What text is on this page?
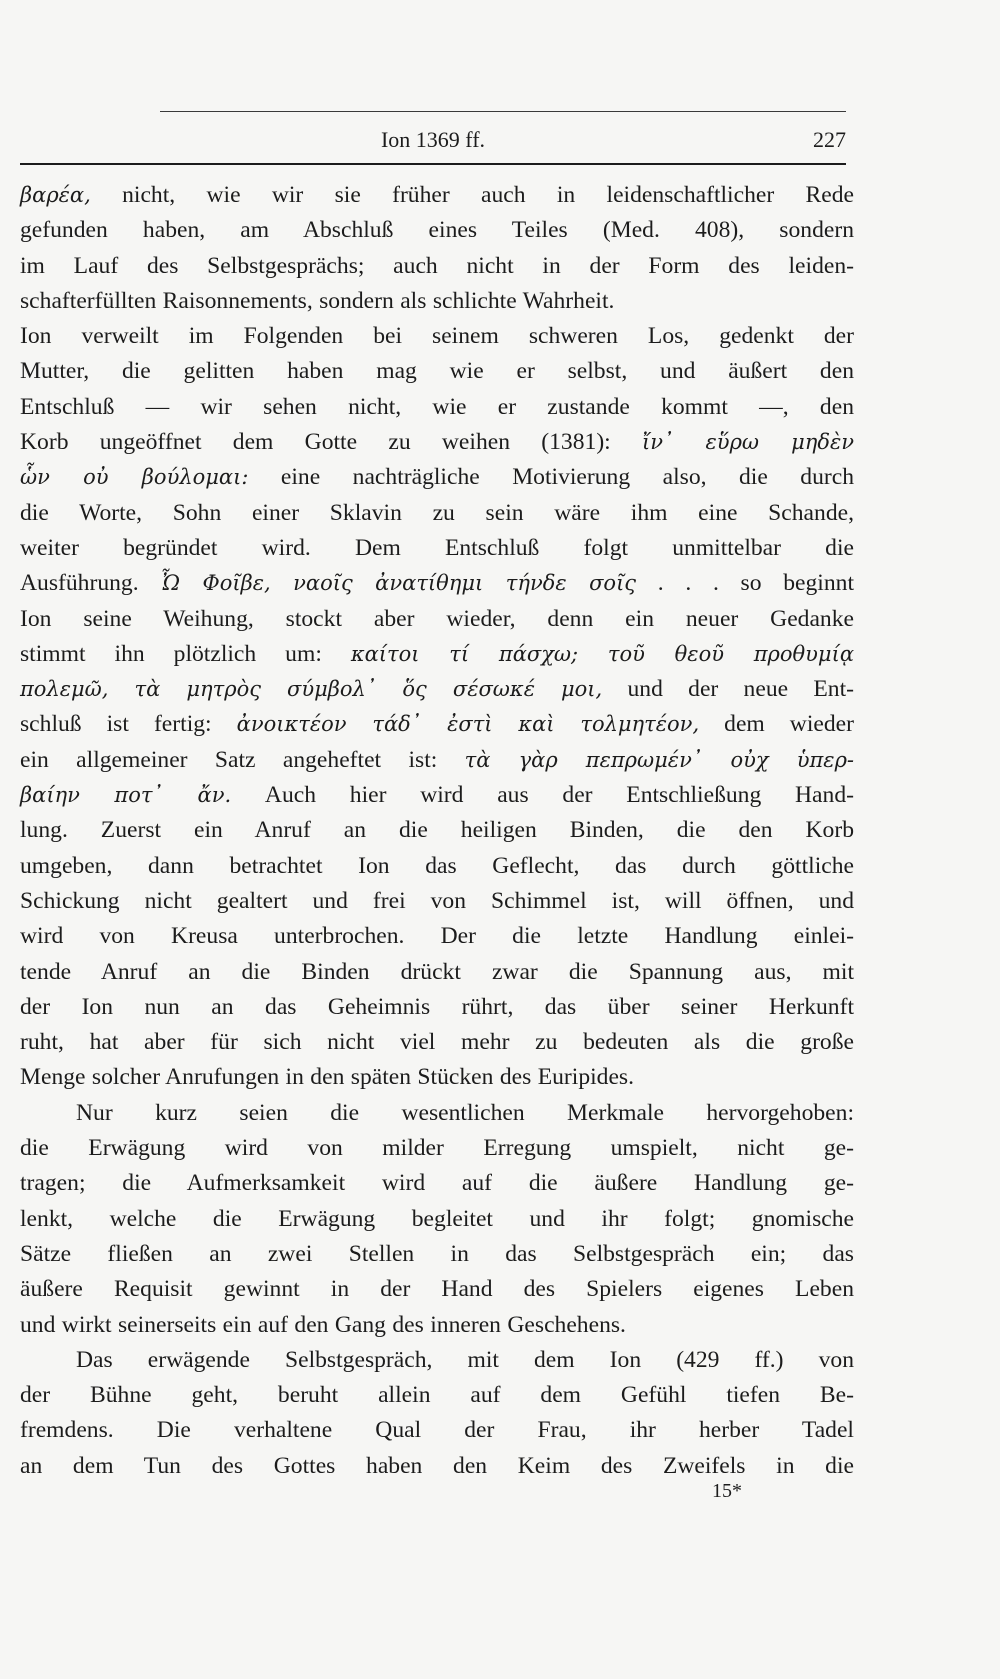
Ion 1369 ff.	227
βαρέα, nicht, wie wir sie früher auch in leidenschaftlicher Rede
gefunden haben, am Abschluß eines Teiles (Med. 408), sondern
im Lauf des Selbstgesprächs; auch nicht in der Form des leiden-
schafterfüllten Raisonnements, sondern als schlichte Wahrheit.
Ion verweilt im Folgenden bei seinem schweren Los, gedenkt der
Mutter, die gelitten haben mag wie er selbst, und äußert den
Entschluß — wir sehen nicht, wie er zustande kommt —, den
Korb ungeöffnet dem Gotte zu weihen (1381): ἴν᾽ εὕρω μηδὲν
ὧν οὐ βούλομαι: eine nachträgliche Motivierung also, die durch
die Worte, Sohn einer Sklavin zu sein wäre ihm eine Schande,
weiter begründet wird. Dem Entschluß folgt unmittelbar die
Ausführung. Ὦ Φοῖβε, ναοῖς ἀνατίθημι τήνδε σοῖς . . . so beginnt
Ion seine Weihung, stockt aber wieder, denn ein neuer Gedanke
stimmt ihn plötzlich um: καίτοι τί πάσχω; τοῦ θεοῦ προθυμίᾳ
πολεμῶ, τὰ μητρὸς σύμβολ᾽ ὅς σέσωκέ μοι, und der neue Ent-
schluß ist fertig: ἀνοικτέον τάδ᾽ ἐστὶ καὶ τολμητέον, dem wieder
ein allgemeiner Satz angeheftet ist: τὰ γὰρ πεπρωμέν᾽ οὐχ ὑπερ-
βαίην ποτ᾽ ἄν. Auch hier wird aus der Entschließung Hand-
lung. Zuerst ein Anruf an die heiligen Binden, die den Korb
umgeben, dann betrachtet Ion das Geflecht, das durch göttliche
Schickung nicht gealtert und frei von Schimmel ist, will öffnen, und
wird von Kreusa unterbrochen. Der die letzte Handlung einlei-
tende Anruf an die Binden drückt zwar die Spannung aus, mit
der Ion nun an das Geheimnis rührt, das über seiner Herkunft
ruht, hat aber für sich nicht viel mehr zu bedeuten als die große
Menge solcher Anrufungen in den späten Stücken des Euripides.
Nur kurz seien die wesentlichen Merkmale hervorgehoben:
die Erwägung wird von milder Erregung umspielt, nicht ge-
tragen; die Aufmerksamkeit wird auf die äußere Handlung ge-
lenkt, welche die Erwägung begleitet und ihr folgt; gnomische
Sätze fließen an zwei Stellen in das Selbstgespräch ein; das
äußere Requisit gewinnt in der Hand des Spielers eigenes Leben
und wirkt seinerseits ein auf den Gang des inneren Geschehens.
Das erwägende Selbstgespräch, mit dem Ion (429 ff.) von
der Bühne geht, beruht allein auf dem Gefühl tiefen Be-
fremdens. Die verhaltene Qual der Frau, ihr herber Tadel
an dem Tun des Gottes haben den Keim des Zweifels in die
15*
